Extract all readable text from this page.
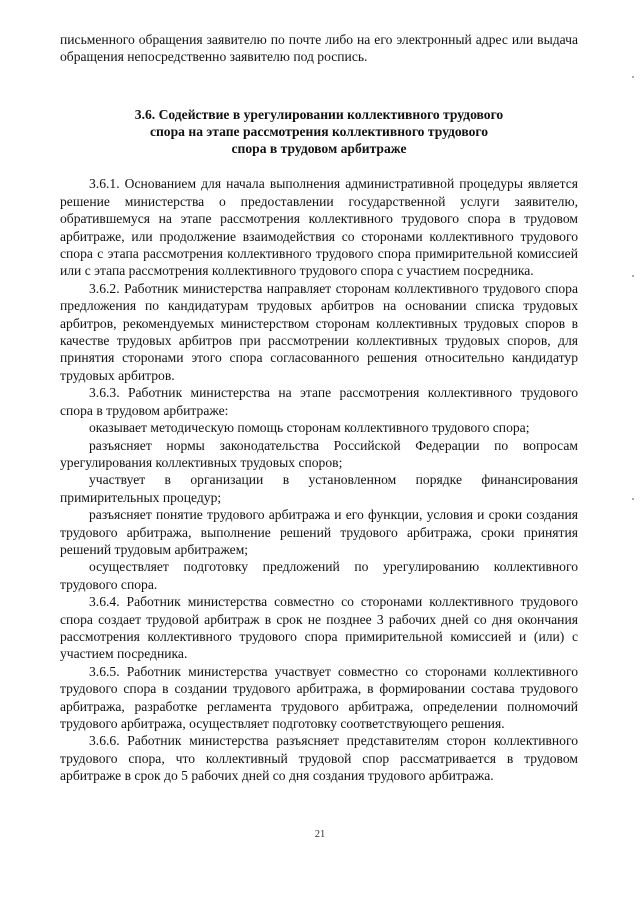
письменного обращения заявителю по почте либо на его электронный адрес или выдача обращения непосредственно заявителю под роспись.

3.6. Содействие в урегулировании коллективного трудового
спора на этапе рассмотрения коллективного трудового
спора в трудовом арбитраже

3.6.1. Основанием для начала выполнения административной процедуры является решение министерства о предоставлении государственной услуги заявителю, обратившемуся на этапе рассмотрения коллективного трудового спора в трудовом арбитраже, или продолжение взаимодействия со сторонами коллективного трудового спора с этапа рассмотрения коллективного трудового спора примирительной комиссией или с этапа рассмотрения коллективного трудового спора с участием посредника.

3.6.2. Работник министерства направляет сторонам коллективного трудового спора предложения по кандидатурам трудовых арбитров на основании списка трудовых арбитров, рекомендуемых министерством сторонам коллективных трудовых споров в качестве трудовых арбитров при рассмотрении коллективных трудовых споров, для принятия сторонами этого спора согласованного решения относительно кандидатур трудовых арбитров.

3.6.3. Работник министерства на этапе рассмотрения коллективного трудового спора в трудовом арбитраже:

оказывает методическую помощь сторонам коллективного трудового спора;

разъясняет нормы законодательства Российской Федерации по вопросам урегулирования коллективных трудовых споров;

участвует в организации в установленном порядке финансирования примирительных процедур;

разъясняет понятие трудового арбитража и его функции, условия и сроки создания трудового арбитража, выполнение решений трудового арбитража, сроки принятия решений трудовым арбитражем;

осуществляет подготовку предложений по урегулированию коллективного трудового спора.

3.6.4. Работник министерства совместно со сторонами коллективного трудового спора создает трудовой арбитраж в срок не позднее 3 рабочих дней со дня окончания рассмотрения коллективного трудового спора примирительной комиссией и (или) с участием посредника.

3.6.5. Работник министерства участвует совместно со сторонами коллективного трудового спора в создании трудового арбитража, в формировании состава трудового арбитража, разработке регламента трудового арбитража, определении полномочий трудового арбитража, осуществляет подготовку соответствующего решения.

3.6.6. Работник министерства разъясняет представителям сторон коллективного трудового спора, что коллективный трудовой спор рассматривается в трудовом арбитраже в срок до 5 рабочих дней со дня создания трудового арбитража.

21
